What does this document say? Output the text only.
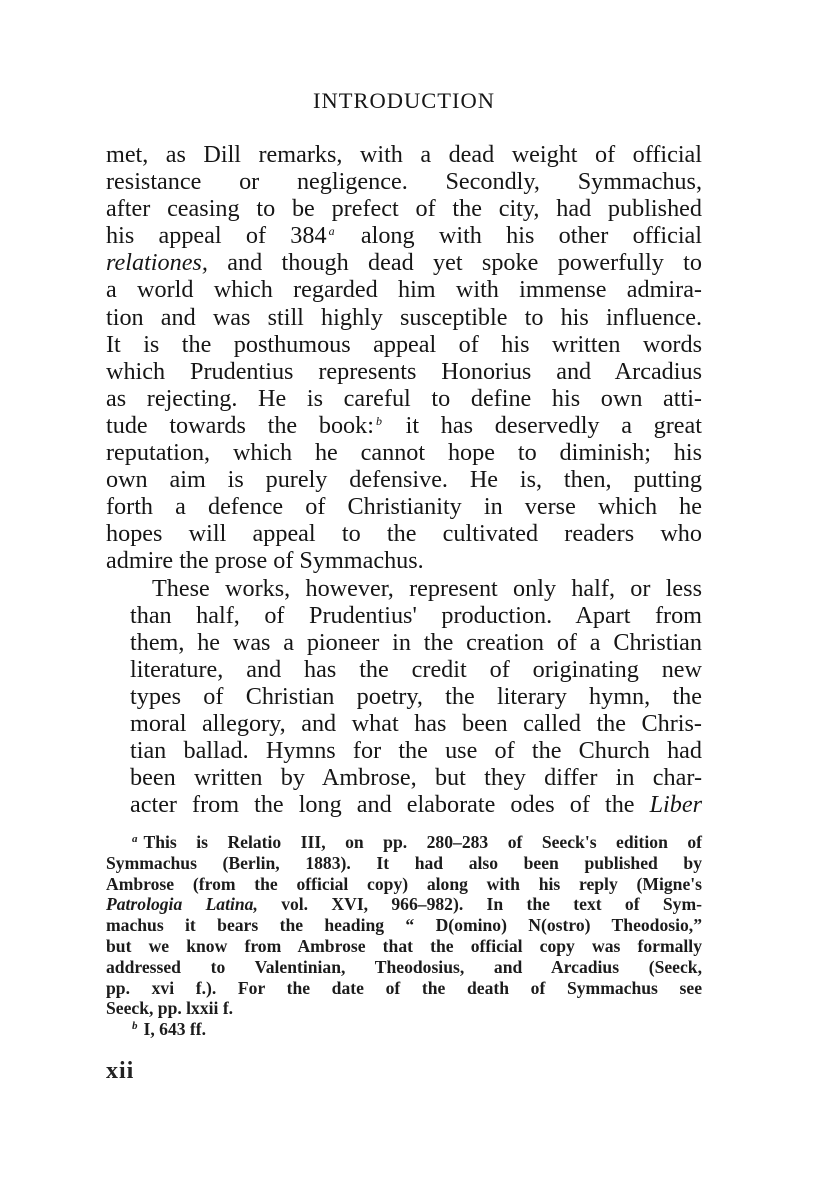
INTRODUCTION

met, as Dill remarks, with a dead weight of official
resistance or negligence. Secondly, Symmachus,
after ceasing to be prefect of the city, had published
his appeal of 384 $^a$ along with his other official
relationes, and though dead yet spoke powerfully to
a world which regarded him with immense admira-
tion and was still highly susceptible to his influence.
It is the posthumous appeal of his written words
which Prudentius represents Honorius and Arcadius
as rejecting. He is careful to define his own atti-
tude towards the book: $^b$ it has deservedly a great
reputation, which he cannot hope to diminish; his
own aim is purely defensive. He is, then, putting
forth a defence of Christianity in verse which he
hopes will appeal to the cultivated readers who
admire the prose of Symmachus.

These works, however, represent only half, or less
than half, of Prudentius' production. Apart from
them, he was a pioneer in the creation of a Christian
literature, and has the credit of originating new
types of Christian poetry, the literary hymn, the
moral allegory, and what has been called the Chris-
tian ballad. Hymns for the use of the Church had
been written by Ambrose, but they differ in char-
acter from the long and elaborate odes of the Liber

$^a$ This is Relatio III, on pp. 280–283 of Seeck's edition of
Symmachus (Berlin, 1883). It had also been published by
Ambrose (from the official copy) along with his reply (Migne's
Patrologia Latina, vol. XVI, 966–982). In the text of Sym-
machus it bears the heading “ D(omino) N(ostro) Theodosio,”
but we know from Ambrose that the official copy was formally
addressed to Valentinian, Theodosius, and Arcadius (Seeck,
pp. xvi f.). For the date of the death of Symmachus see
Seeck, pp. lxxii f.
$^b$ I, 643 ff.
xii
